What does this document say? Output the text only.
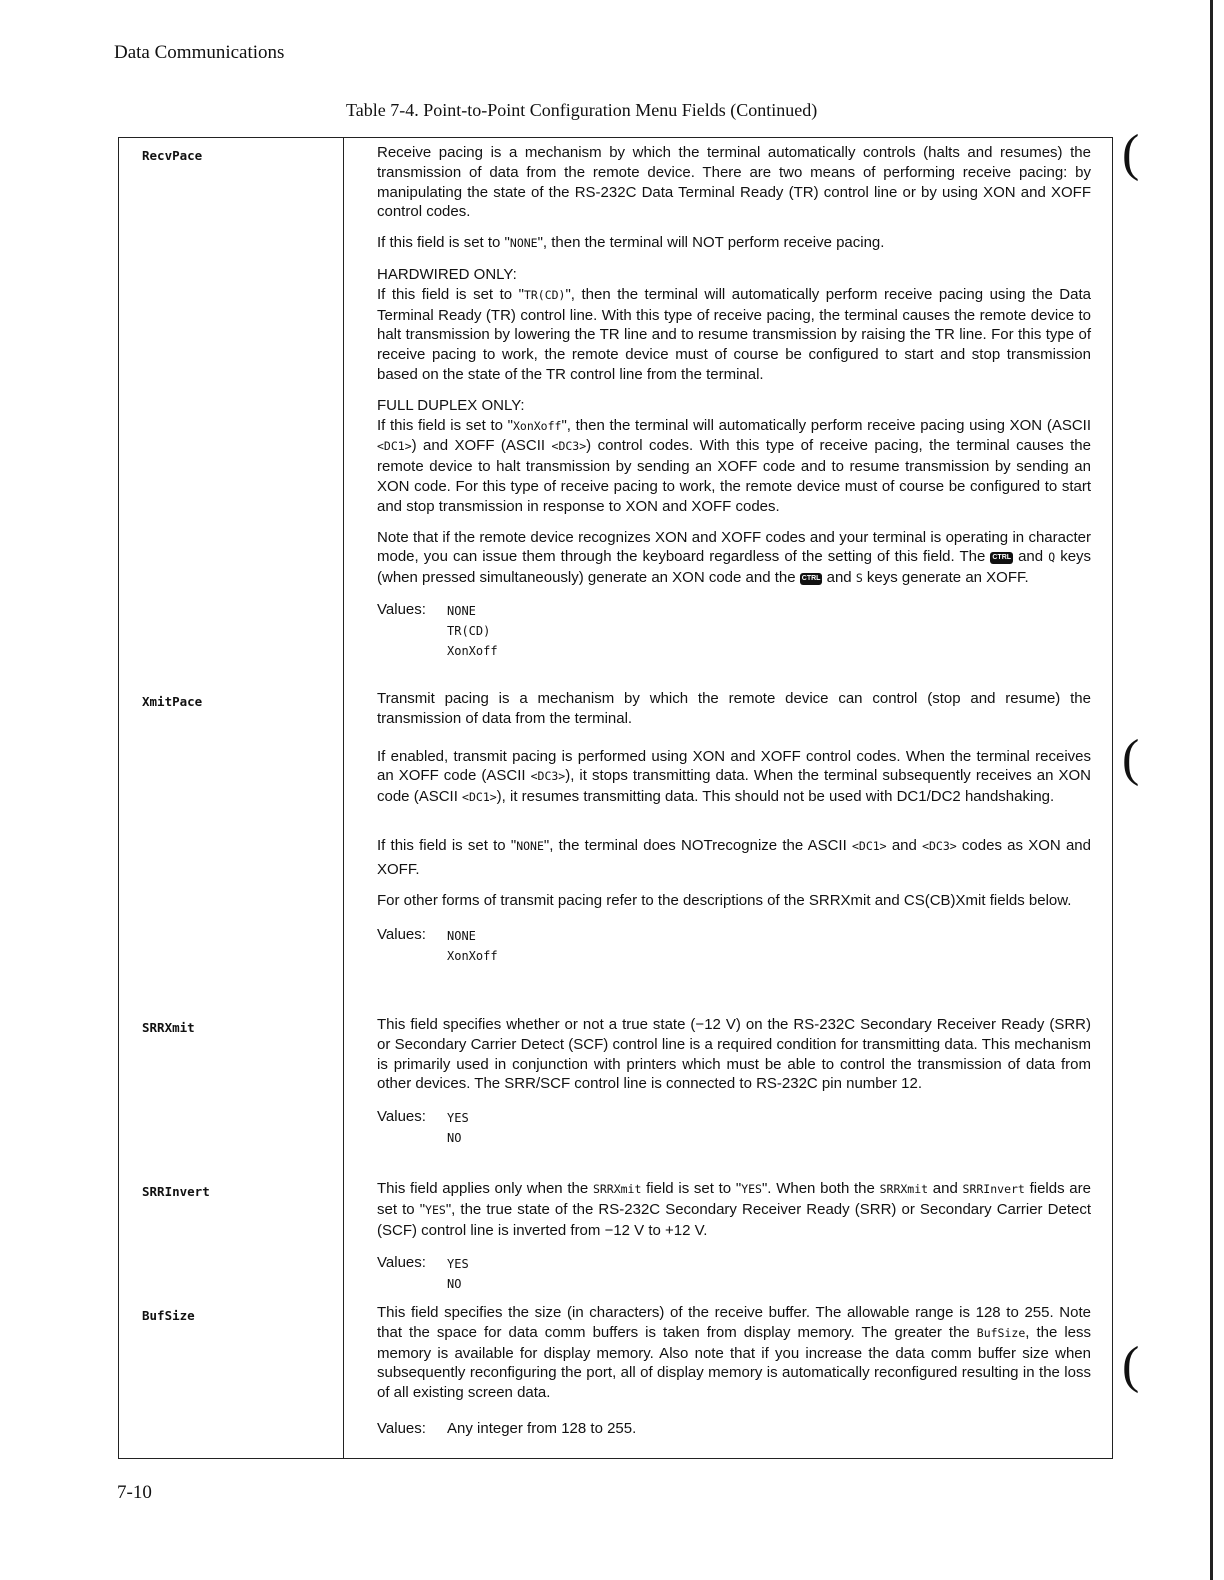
Data Communications
Table 7-4. Point-to-Point Configuration Menu Fields (Continued)
RecvPace	Receive pacing is a mechanism by which the terminal automatically controls (halts and resumes) the transmission of data from the remote device. There are two means of performing receive pacing: by manipulating the state of the RS-232C Data Terminal Ready (TR) control line or by using XON and XOFF control codes.

If this field is set to "NONE", then the terminal will NOT perform receive pacing.

HARDWIRED ONLY:
If this field is set to "TR(CD)", then the terminal will automatically perform receive pacing using the Data Terminal Ready (TR) control line. With this type of receive pacing, the terminal causes the remote device to halt transmission by lowering the TR line and to resume transmission by raising the TR line. For this type of receive pacing to work, the remote device must of course be configured to start and stop transmission based on the state of the TR control line from the terminal.

FULL DUPLEX ONLY:
If this field is set to "XonXoff", then the terminal will automatically perform receive pacing using XON (ASCII <DC1>) and XOFF (ASCII <DC3>) control codes. With this type of receive pacing, the terminal causes the remote device to halt transmission by sending an XOFF code and to resume transmission by sending an XON code. For this type of receive pacing to work, the remote device must of course be configured to start and stop transmission in response to XON and XOFF codes.

Note that if the remote device recognizes XON and XOFF codes and your terminal is operating in character mode, you can issue them through the keyboard regardless of the setting of this field. The CTRL and Q keys (when pressed simultaneously) generate an XON code and the CTRL and S keys generate an XOFF.

Values:	NONE
TR(CD)
XonXoff
XmitPace	Transmit pacing is a mechanism by which the remote device can control (stop and resume) the transmission of data from the terminal.

If enabled, transmit pacing is performed using XON and XOFF control codes. When the terminal receives an XOFF code (ASCII <DC3>), it stops transmitting data. When the terminal subsequently receives an XON code (ASCII <DC1>), it resumes transmitting data. This should not be used with DC1/DC2 handshaking.

If this field is set to "NONE", the terminal does NOTrecognize the ASCII <DC1> and <DC3> codes as XON and XOFF.

For other forms of transmit pacing refer to the descriptions of the SRRXmit and CS(CB)Xmit fields below.

Values:	NONE
XonXoff
SRRXmit	This field specifies whether or not a true state (−12 V) on the RS-232C Secondary Receiver Ready (SRR) or Secondary Carrier Detect (SCF) control line is a required condition for transmitting data. This mechanism is primarily used in conjunction with printers which must be able to control the transmission of data from other devices. The SRR/SCF control line is connected to RS-232C pin number 12.

Values:	YES
NO
SRRInvert	This field applies only when the SRRXmit field is set to "YES". When both the SRRXmit and SRRInvert fields are set to "YES", the true state of the RS-232C Secondary Receiver Ready (SRR) or Secondary Carrier Detect (SCF) control line is inverted from −12 V to +12 V.

Values:	YES
NO
BufSize	This field specifies the size (in characters) of the receive buffer. The allowable range is 128 to 255. Note that the space for data comm buffers is taken from display memory. The greater the BufSize, the less memory is available for display memory. Also note that if you increase the data comm buffer size when subsequently reconfiguring the port, all of display memory is automatically reconfigured resulting in the loss of all existing screen data.

Values:	Any integer from 128 to 255.
7-10
(
(
(
